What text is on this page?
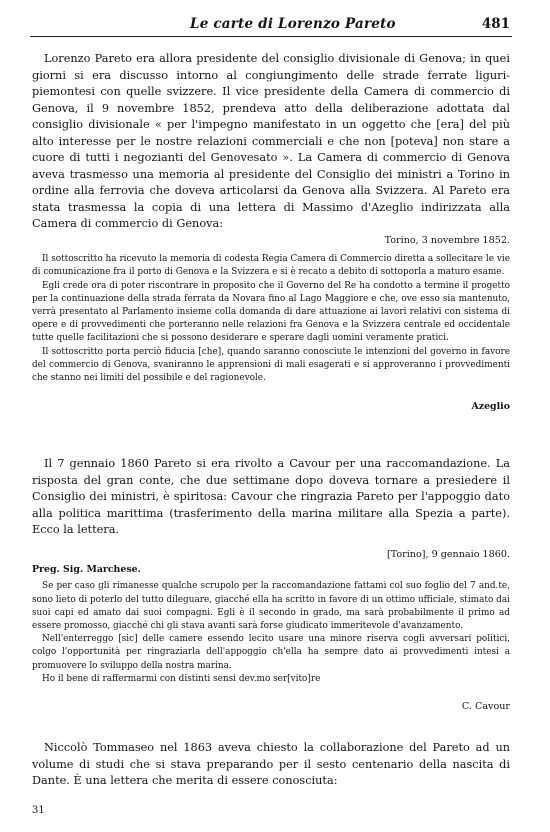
Le carte di Lorenzo Pareto	481

Lorenzo Pareto era allora presidente del consiglio divisionale di Genova; in quei giorni si era discusso intorno al congiungimento delle strade ferrate liguri-piemontesi con quelle svizzere. Il vice presidente della Camera di commercio di Genova, il 9 novembre 1852, prendeva atto della deliberazione adottata dal consiglio divisionale « per l'impegno manifestato in un oggetto che [era] del più alto interesse per le nostre relazioni commerciali e che non [poteva] non stare a cuore di tutti i negozianti del Genovesato ». La Camera di commercio di Genova aveva trasmesso una memoria al presidente del Consiglio dei ministri a Torino in ordine alla ferrovia che doveva articolarsi da Genova alla Svizzera. Al Pareto era stata trasmessa la copia di una lettera di Massimo d'Azeglio indirizzata alla Camera di commercio di Genova:

Torino, 3 novembre 1852.

Il sottoscritto ha ricevuto la memoria di codesta Regia Camera di Commercio diretta a sollecitare le vie di comunicazione fra il porto di Genova e la Svizzera e si è recato a debito di sottoporla a maturo esame.

Egli crede ora di poter riscontrare in proposito che il Governo del Re ha condotto a termine il progetto per la continuazione della strada ferrata da Novara fino al Lago Maggiore e che, ove esso sia mantenuto, verrà presentato al Parlamento insieme colla domanda di dare attuazione ai lavori relativi con sistema di opere e di provvedimenti che porteranno nelle relazioni fra Genova e la Svizzera centrale ed occidentale tutte quelle facilitazioni che si possono desiderare e sperare dagli uomini veramente pratici.

Il sottoscritto porta perciò fiducia [che], quando saranno conosciute le intenzioni del governo in favore del commercio di Genova, svaniranno le apprensioni di mali esagerati e si approveranno i provvedimenti che stanno nei limiti del possibile e del ragionevole.

Azeglio

Il 7 gennaio 1860 Pareto si era rivolto a Cavour per una raccomandazione. La risposta del gran conte, che due settimane dopo doveva tornare a presiedere il Consiglio dei ministri, è spiritosa: Cavour che ringrazia Pareto per l'appoggio dato alla politica marittima (trasferimento della marina militare alla Spezia a parte). Ecco la lettera.

[Torino], 9 gennaio 1860.

Preg. Sig. Marchese.

Se per caso gli rimanesse qualche scrupolo per la raccomandazione fattami col suo foglio del 7 and.te, sono lieto di poterlo del tutto dileguare, giacché ella ha scritto in favore di un ottimo ufficiale, stimato dai suoi capi ed amato dai suoi compagni. Egli è il secondo in grado, ma sarà probabilmente il primo ad essere promosso, giacché chi gli stava avanti sarà forse giudicato immeritevole d'avanzamento.

Nell'enterreggo [sic] delle camere essendo lecito usare una minore riserva cogli avversari politici, colgo l'opportunità per ringraziarla dell'appoggio ch'ella ha sempre dato ai provvedimenti intesi a promuovere lo sviluppo della nostra marina.

Ho il bene di raffermarmi con distinti sensi dev.mo ser[vito]re

C. Cavour

Niccolò Tommaseo nel 1863 aveva chiesto la collaborazione del Pareto ad un volume di studi che si stava preparando per il sesto centenario della nascita di Dante. È una lettera che merita di essere conosciuta:

31
